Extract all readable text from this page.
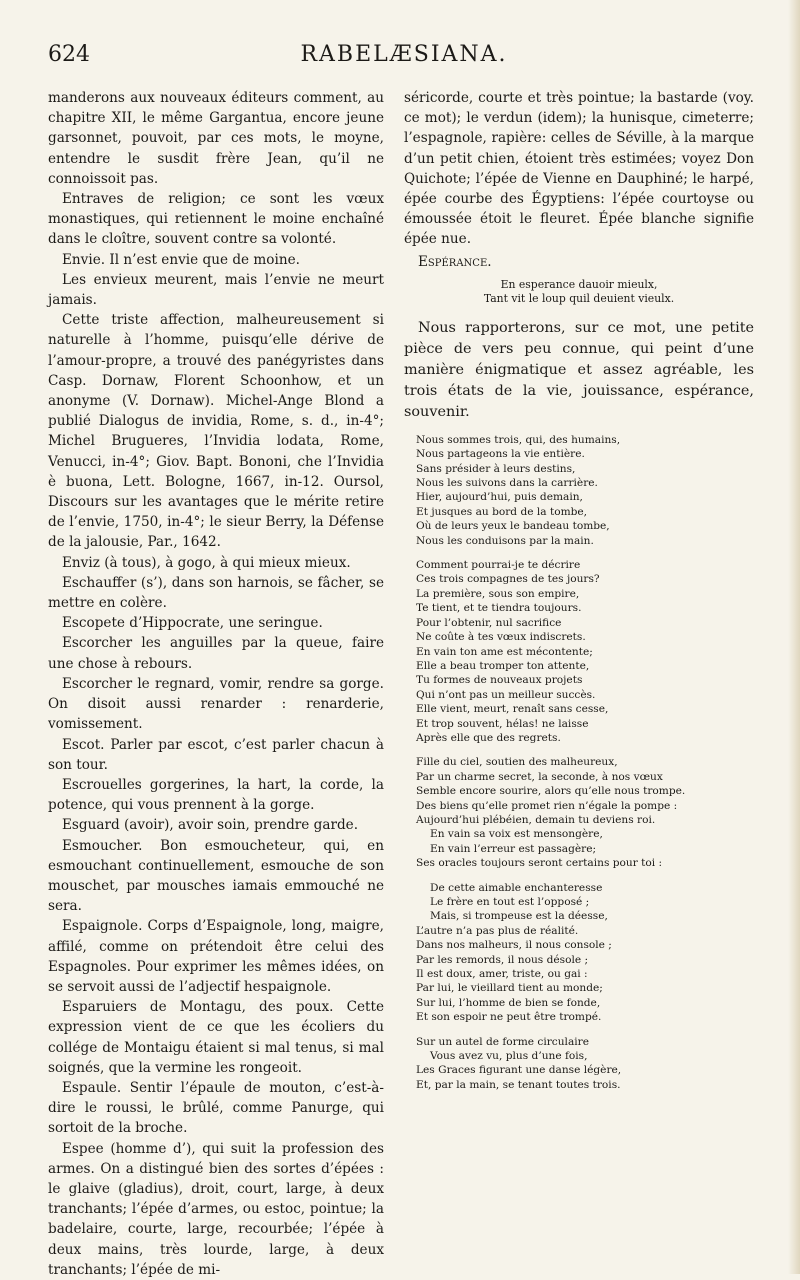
624	RABELÆSIANA.

manderons aux nouveaux éditeurs comment, au chapitre XII, le même Gargantua, encore jeune garsonnet, pouvoit, par ces mots, le moyne, entendre le susdit frère Jean, qu’il ne connoissoit pas.

Entraves de religion; ce sont les vœux monastiques, qui retiennent le moine enchaîné dans le cloître, souvent contre sa volonté.

Envie. Il n’est envie que de moine.

Les envieux meurent, mais l’envie ne meurt jamais.

Cette triste affection, malheureusement si naturelle à l’homme, puisqu’elle dérive de l’amour-propre, a trouvé des panégyristes dans Casp. Dornaw, Florent Schoonhow, et un anonyme (V. Dornaw). Michel-Ange Blond a publié Dialogus de invidia, Rome, s. d., in-4°; Michel Brugueres, l’Invidia lodata, Rome, Venucci, in-4°; Giov. Bapt. Bononi, che l’Invidia è buona, Lett. Bologne, 1667, in-12. Oursol, Discours sur les avantages que le mérite retire de l’envie, 1750, in-4°; le sieur Berry, la Défense de la jalousie, Par., 1642.

Enviz (à tous), à gogo, à qui mieux mieux.

Eschauffer (s’), dans son harnois, se fâcher, se mettre en colère.

Escopete d’Hippocrate, une seringue.

Escorcher les anguilles par la queue, faire une chose à rebours.

Escorcher le regnard, vomir, rendre sa gorge. On disoit aussi renarder : renarderie, vomissement.

Escot. Parler par escot, c’est parler chacun à son tour.

Escrouelles gorgerines, la hart, la corde, la potence, qui vous prennent à la gorge.

Esguard (avoir), avoir soin, prendre garde.

Esmoucher. Bon esmoucheteur, qui, en esmouchant continuellement, esmouche de son mouschet, par mousches iamais emmouché ne sera.

Espaignole. Corps d’Espaignole, long, maigre, affilé, comme on prétendoit être celui des Espagnoles. Pour exprimer les mêmes idées, on se servoit aussi de l’adjectif hespaignole.

Esparuiers de Montagu, des poux. Cette expression vient de ce que les écoliers du collége de Montaigu étaient si mal tenus, si mal soignés, que la vermine les rongeoit.

Espaule. Sentir l’épaule de mouton, c’est-à-dire le roussi, le brûlé, comme Panurge, qui sortoit de la broche.

Espee (homme d’), qui suit la profession des armes. On a distingué bien des sortes d’épées : le glaive (gladius), droit, court, large, à deux tranchants; l’épée d’armes, ou estoc, pointue; la badelaire, courte, large, recourbée; l’épée à deux mains, très lourde, large, à deux tranchants; l’épée de mi-

séricorde, courte et très pointue; la bastarde (voy. ce mot); le verdun (idem); la hunisque, cimeterre; l’espagnole, rapière: celles de Séville, à la marque d’un petit chien, étoient très estimées; voyez Don Quichote; l’épée de Vienne en Dauphiné; le harpé, épée courbe des Égyptiens: l’épée courtoyse ou émoussée étoit le fleuret. Épée blanche signifie épée nue.

Espérance.

En esperance dauoir mieulx,
Tant vit le loup quil deuient vieulx.

Nous rapporterons, sur ce mot, une petite pièce de vers peu connue, qui peint d’une manière énigmatique et assez agréable, les trois états de la vie, jouissance, espérance, souvenir.

Nous sommes trois, qui, des humains,
Nous partageons la vie entière.
Sans présider à leurs destins,
Nous les suivons dans la carrière.
Hier, aujourd’hui, puis demain,
Et jusques au bord de la tombe,
Où de leurs yeux le bandeau tombe,
Nous les conduisons par la main.
Comment pourrai-je te décrire
Ces trois compagnes de tes jours?
La première, sous son empire,
Te tient, et te tiendra toujours.
Pour l’obtenir, nul sacrifice
Ne coûte à tes vœux indiscrets.
En vain ton ame est mécontente;
Elle a beau tromper ton attente,
Tu formes de nouveaux projets
Qui n’ont pas un meilleur succès.
Elle vient, meurt, renaît sans cesse,
Et trop souvent, hélas! ne laisse
Après elle que des regrets.
Fille du ciel, soutien des malheureux,
Par un charme secret, la seconde, à nos vœux
Semble encore sourire, alors qu’elle nous trompe.
Des biens qu’elle promet rien n’égale la pompe :
Aujourd’hui plébéien, demain tu deviens roi.
En vain sa voix est mensongère,
En vain l’erreur est passagère;
Ses oracles toujours seront certains pour toi :
De cette aimable enchanteresse
Le frère en tout est l’opposé ;
Mais, si trompeuse est la déesse,
L’autre n’a pas plus de réalité.
Dans nos malheurs, il nous console ;
Par les remords, il nous désole ;
Il est doux, amer, triste, ou gai :
Par lui, le vieillard tient au monde;
Sur lui, l’homme de bien se fonde,
Et son espoir ne peut être trompé.
Sur un autel de forme circulaire
Vous avez vu, plus d’une fois,
Les Graces figurant une danse légère,
Et, par la main, se tenant toutes trois.
